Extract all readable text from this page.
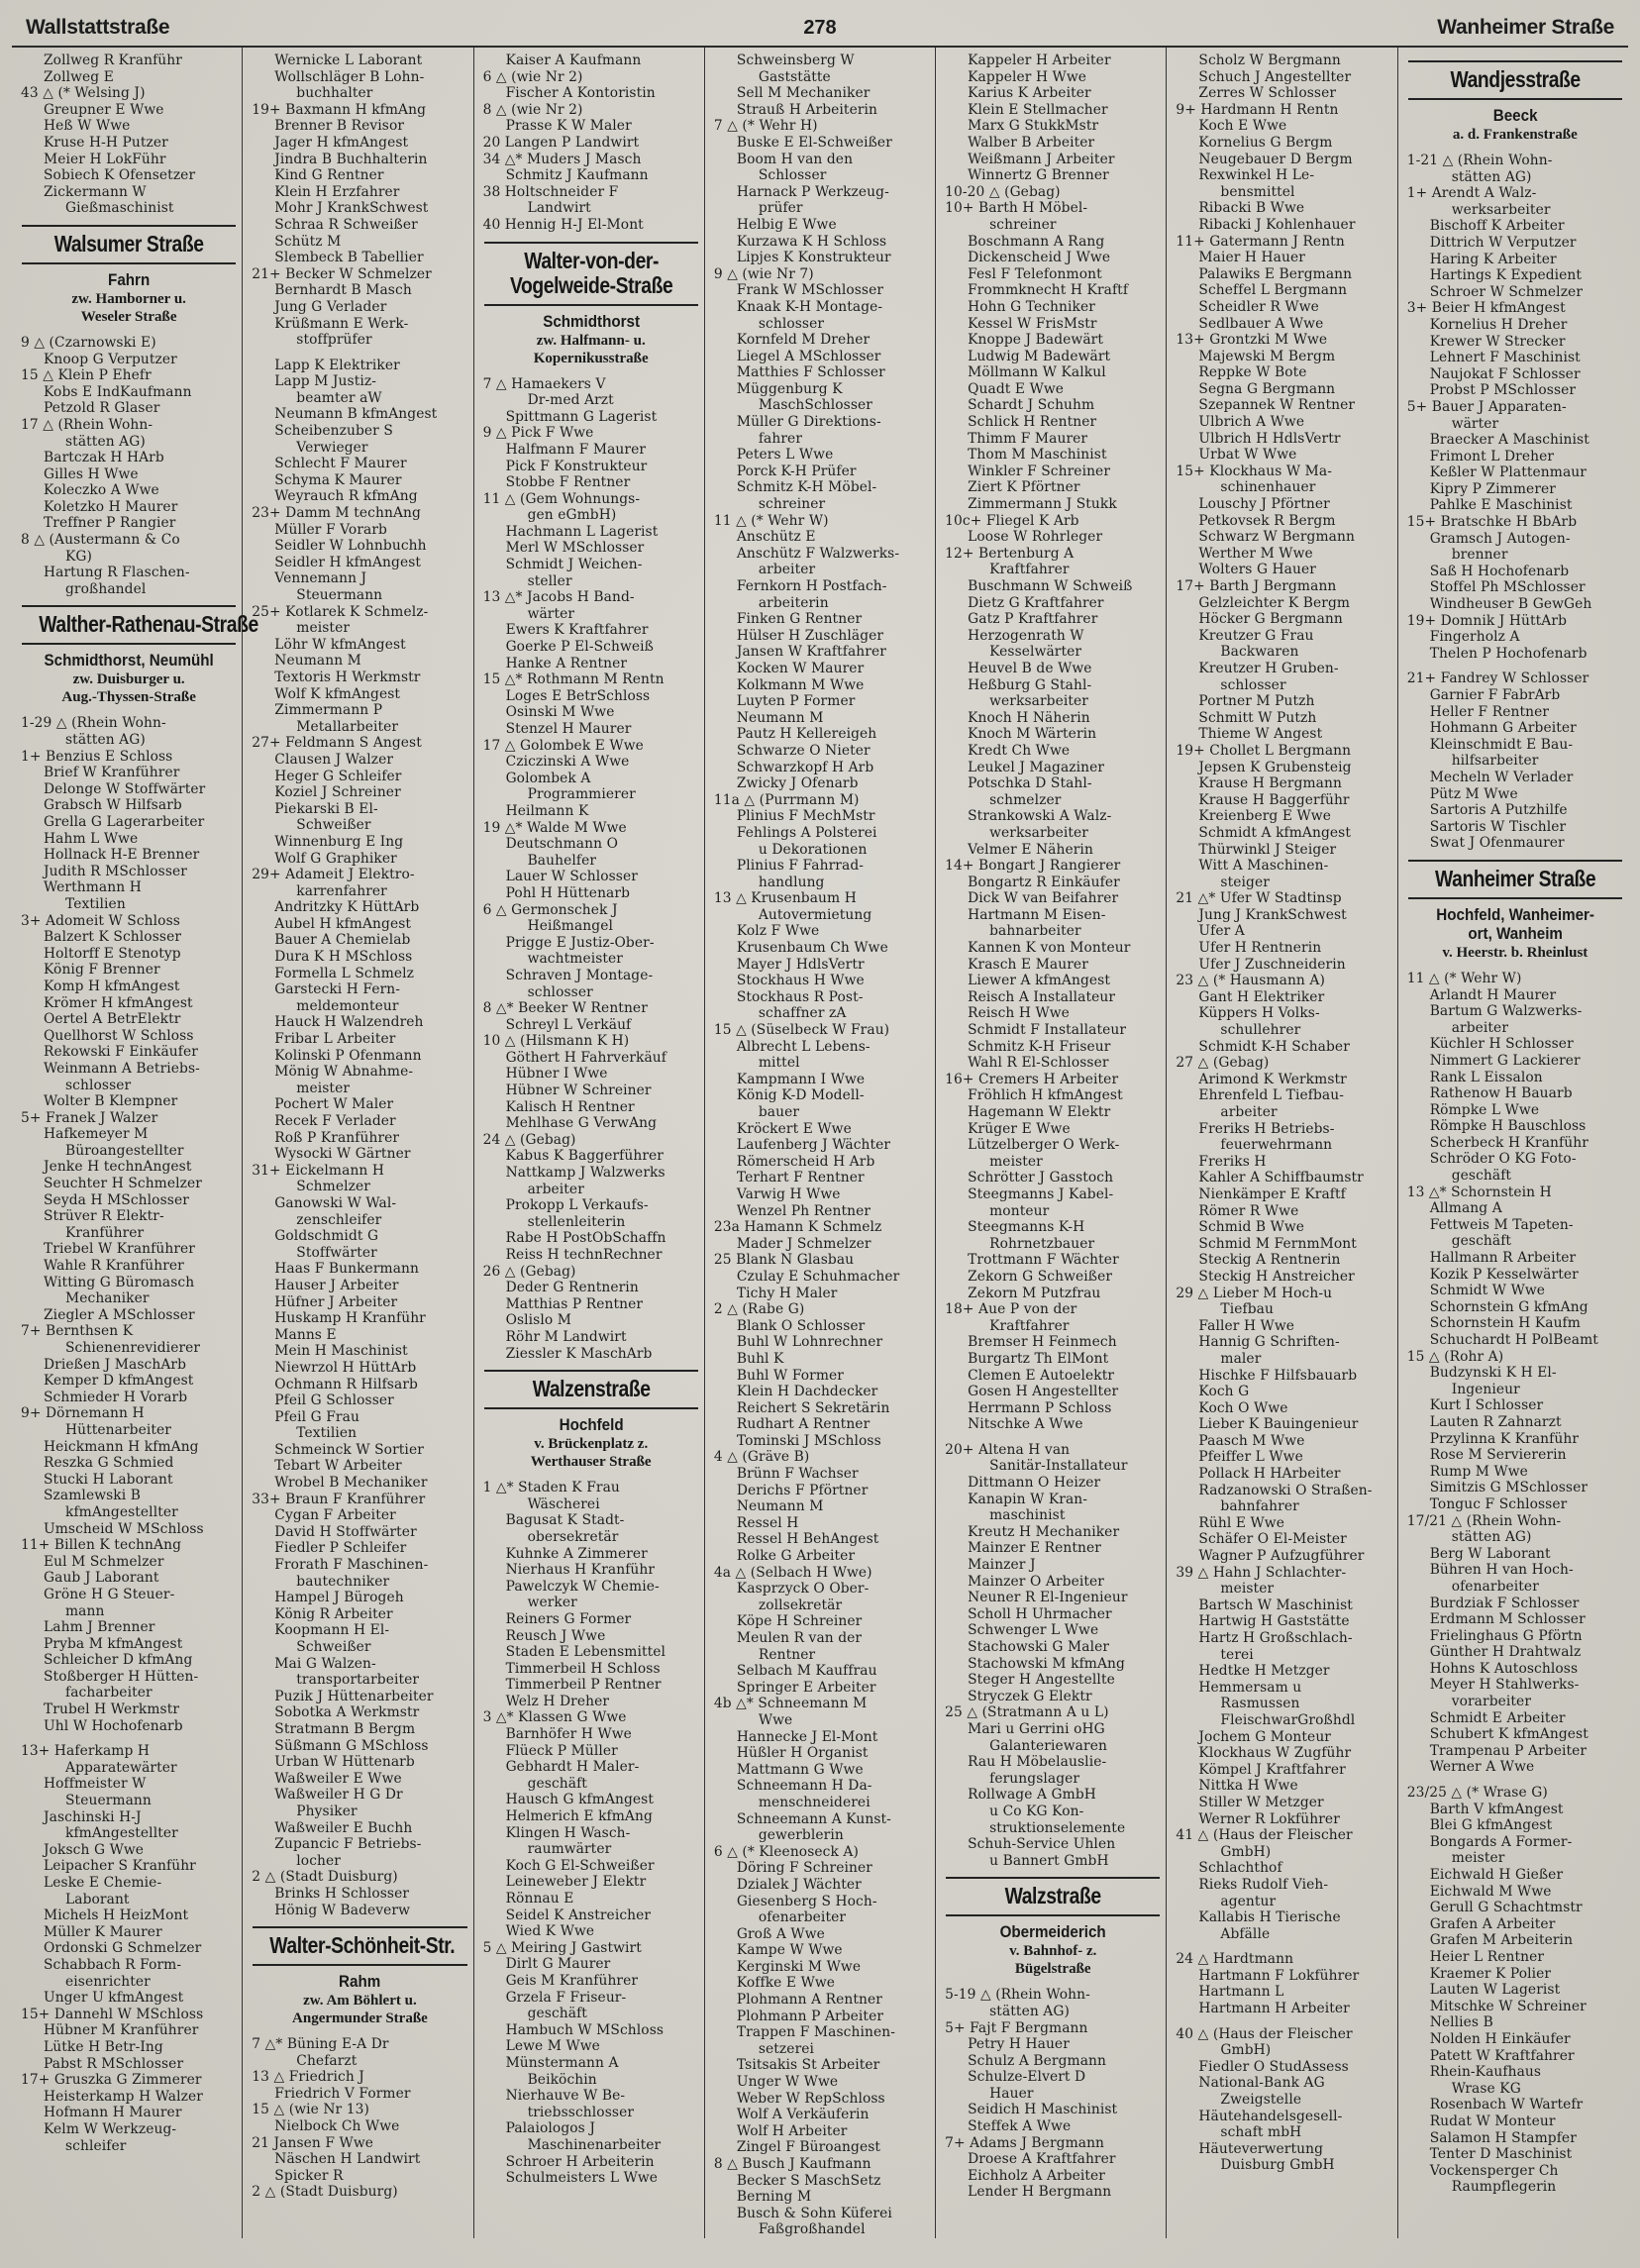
Wallstattstraße	278	Wanheimer Straße
Zollweg R Kranführ
Zollweg E
43 △ (* Welsing J)
Greupner E Wwe
Heß W Wwe
Kruse H-H Putzer
Meier H LokFühr
Sobiech K Ofensetzer
Zickermann W
Gießmaschinist
Walsumer Straße
Fahrn
zw. Hamborner u.
Weseler Straße
9 △ (Czarnowski E)
Knoop G Verputzer
15 △ Klein P Ehefr
Kobs E IndKaufmann
Petzold R Glaser
17 △ (Rhein Wohn-
stätten AG)
Bartczak H HArb
Gilles H Wwe
Koleczko A Wwe
Koletzko H Maurer
Treffner P Rangier
8 △ (Austermann & Co
KG)
Hartung R Flaschen-
großhandel
Walther-Rathenau-Straße
Schmidthorst, Neumühl
zw. Duisburger u.
Aug.-Thyssen-Straße
1-29 △ (Rhein Wohn-
stätten AG)
1+ Benzius E Schloss
Brief W Kranführer
Delonge W Stoffwärter
Grabsch W Hilfsarb
Grella G Lagerarbeiter
Hahm L Wwe
Hollnack H-E Brenner
Judith R MSchlosser
Werthmann H
Textilien
3+ Adomeit W Schloss
Balzert K Schlosser
Holtorff E Stenotyp
König F Brenner
Komp H kfmAngest
Krömer H kfmAngest
Oertel A BetrElektr
Quellhorst W Schloss
Rekowski F Einkäufer
Weinmann A Betriebs-
schlosser
Wolter B Klempner
5+ Franek J Walzer
Hafkemeyer M
Büroangestellter
Jenke H technAngest
Seuchter H Schmelzer
Seyda H MSchlosser
Strüver R Elektr-
Kranführer
Triebel W Kranführer
Wahle R Kranführer
Witting G Büromasch
Mechaniker
Ziegler A MSchlosser
7+ Bernthsen K
Schienenrevidierer
Drießen J MaschArb
Kemper D kfmAngest
Schmieder H Vorarb
9+ Dörnemann H
Hüttenarbeiter
Heickmann H kfmAng
Reszka G Schmied
Stucki H Laborant
Szamlewski B
kfmAngestellter
Umscheid W MSchloss
11+ Billen K technAng
Eul M Schmelzer
Gaub J Laborant
Gröne H G Steuer-
mann
Lahm J Brenner
Pryba M kfmAngest
Schleicher D kfmAng
Stoßberger H Hütten-
facharbeiter
Trubel H Werkmstr
Uhl W Hochofenarb
13+ Haferkamp H
Apparatewärter
Hoffmeister W
Steuermann
Jaschinski H-J
kfmAngestellter
Joksch G Wwe
Leipacher S Kranführ
Leske E Chemie-
Laborant
Michels H HeizMont
Müller K Maurer
Ordonski G Schmelzer
Schabbach R Form-
eisenrichter
Unger U kfmAngest
15+ Dannehl W MSchloss
Hübner M Kranführer
Lütke H Betr-Ing
Pabst R MSchlosser
17+ Gruszka G Zimmerer
Heisterkamp H Walzer
Hofmann H Maurer
Kelm W Werkzeug-
schleifer
Wernicke L Laborant
Wollschläger B Lohn-
buchhalter
19+ Baxmann H kfmAng
Brenner B Revisor
Jager H kfmAngest
Jindra B Buchhalterin
Kind G Rentner
Klein H Erzfahrer
Mohr J KrankSchwest
Schraa R Schweißer
Schütz M
Slembeck B Tabellier
21+ Becker W Schmelzer
Bernhardt B Masch
Jung G Verlader
Krüßmann E Werk-
stoffprüfer
Lapp K Elektriker
Lapp M Justiz-
beamter aW
Neumann B kfmAngest
Scheibenzuber S
Verwieger
Schlecht F Maurer
Schyma K Maurer
Weyrauch R kfmAng
23+ Damm M technAng
Müller F Vorarb
Seidler W Lohnbuchh
Seidler H kfmAngest
Vennemann J
Steuermann
25+ Kotlarek K Schmelz-
meister
Löhr W kfmAngest
Neumann M
Textoris H Werkmstr
Wolf K kfmAngest
Zimmermann P
Metallarbeiter
27+ Feldmann S Angest
Clausen J Walzer
Heger G Schleifer
Koziel J Schreiner
Piekarski B El-
Schweißer
Winnenburg E Ing
Wolf G Graphiker
29+ Adameit J Elektro-
karrenfahrer
Andritzky K HüttArb
Aubel H kfmAngest
Bauer A Chemielab
Dura K H MSchloss
Formella L Schmelz
Garstecki H Fern-
meldemonteur
Hauck H Walzendreh
Fribar L Arbeiter
Kolinski P Ofenmann
Mönig W Abnahme-
meister
Pochert W Maler
Recek F Verlader
Roß P Kranführer
Wysocki W Gärtner
31+ Eickelmann H
Schmelzer
Ganowski W Wal-
zenschleifer
Goldschmidt G
Stoffwärter
Haas F Bunkermann
Hauser J Arbeiter
Hüfner J Arbeiter
Huskamp H Kranführ
Manns E
Mein H Maschinist
Niewrzol H HüttArb
Ochmann R Hilfsarb
Pfeil G Schlosser
Pfeil G Frau
Textilien
Schmeinck W Sortier
Tebart W Arbeiter
Wrobel B Mechaniker
33+ Braun F Kranführer
Cygan F Arbeiter
David H Stoffwärter
Fiedler P Schleifer
Frorath F Maschinen-
bautechniker
Hampel J Bürogeh
König R Arbeiter
Koopmann H El-
Schweißer
Mai G Walzen-
transportarbeiter
Puzik J Hüttenarbeiter
Sobotka A Werkmstr
Stratmann B Bergm
Süßmann G MSchloss
Urban W Hüttenarb
Waßweiler E Wwe
Waßweiler H G Dr
Physiker
Waßweiler E Buchh
Zupancic F Betriebs-
locher
2 △ (Stadt Duisburg)
Brinks H Schlosser
Hönig W Badeverw
Walter-Schönheit-Str.
Rahm
zw. Am Böhlert u.
Angermunder Straße
7 △* Büning E-A Dr
Chefarzt
13 △ Friedrich J
Friedrich V Former
15 △ (wie Nr 13)
Nielbock Ch Wwe
21 Jansen F Wwe
Näschen H Landwirt
Spicker R
2 △ (Stadt Duisburg)
Kaiser A Kaufmann
6 △ (wie Nr 2)
Fischer A Kontoristin
8 △ (wie Nr 2)
Prasse K W Maler
20 Langen P Landwirt
34 △* Muders J Masch
Schmitz J Kaufmann
38 Holtschneider F
Landwirt
40 Hennig H-J El-Mont
Walter-von-der-
Vogelweide-Straße
Schmidthorst
zw. Halfmann- u.
Kopernikusstraße
7 △ Hamaekers V
Dr-med Arzt
Spittmann G Lagerist
9 △ Pick F Wwe
Halfmann F Maurer
Pick F Konstrukteur
Stobbe F Rentner
11 △ (Gem Wohnungs-
gen eGmbH)
Hachmann L Lagerist
Merl W MSchlosser
Schmidt J Weichen-
steller
13 △* Jacobs H Band-
wärter
Ewers K Kraftfahrer
Goerke P El-Schweiß
Hanke A Rentner
15 △* Rothmann M Rentn
Loges E BetrSchloss
Osinski M Wwe
Stenzel H Maurer
17 △ Golombek E Wwe
Cziczinski A Wwe
Golombek A
Programmierer
Heilmann K
19 △* Walde M Wwe
Deutschmann O
Bauhelfer
Lauer W Schlosser
Pohl H Hüttenarb
6 △ Germonschek J
Heißmangel
Prigge E Justiz-Ober-
wachtmeister
Schraven J Montage-
schlosser
8 △* Beeker W Rentner
Schreyl L Verkäuf
10 △ (Hilsmann K H)
Göthert H Fahrverkäuf
Hübner I Wwe
Hübner W Schreiner
Kalisch H Rentner
Mehlhase G VerwAng
24 △ (Gebag)
Kabus K Baggerführer
Nattkamp J Walzwerks
arbeiter
Prokopp L Verkaufs-
stellenleiterin
Rabe H PostObSchaffn
Reiss H technRechner
26 △ (Gebag)
Deder G Rentnerin
Matthias P Rentner
Oslislo M
Röhr M Landwirt
Ziessler K MaschArb
Walzenstraße
Hochfeld
v. Brückenplatz z.
Werthauser Straße
1 △* Staden K Frau
Wäscherei
Bagusat K Stadt-
obersekretär
Kuhnke A Zimmerer
Nierhaus H Kranführ
Pawelczyk W Chemie-
werker
Reiners G Former
Reusch J Wwe
Staden E Lebensmittel
Timmerbeil H Schloss
Timmerbeil P Rentner
Welz H Dreher
3 △* Klassen G Wwe
Barnhöfer H Wwe
Flüeck P Müller
Gebhardt H Maler-
geschäft
Hausch G kfmAngest
Helmerich E kfmAng
Klingen H Wasch-
raumwärter
Koch G El-Schweißer
Leineweber J Elektr
Rönnau E
Seidel K Anstreicher
Wied K Wwe
5 △ Meiring J Gastwirt
Dirlt G Maurer
Geis M Kranführer
Grzela F Friseur-
geschäft
Hambuch W MSchloss
Lewe M Wwe
Münstermann A
Beiköchin
Nierhauve W Be-
triebsschlosser
Palaiologos J
Maschinenarbeiter
Schroer H Arbeiterin
Schulmeisters L Wwe
Schweinsberg W
Gaststätte
Sell M Mechaniker
Strauß H Arbeiterin
7 △ (* Wehr H)
Buske E El-Schweißer
Boom H van den
Schlosser
Harnack P Werkzeug-
prüfer
Helbig E Wwe
Kurzawa K H Schloss
Lipjes K Konstrukteur
9 △ (wie Nr 7)
Frank W MSchlosser
Knaak K-H Montage-
schlosser
Kornfeld M Dreher
Liegel A MSchlosser
Matthies F Schlosser
Müggenburg K
MaschSchlosser
Müller G Direktions-
fahrer
Peters L Wwe
Porck K-H Prüfer
Schmitz K-H Möbel-
schreiner
11 △ (* Wehr W)
Anschütz E
Anschütz F Walzwerks-
arbeiter
Fernkorn H Postfach-
arbeiterin
Finken G Rentner
Hülser H Zuschläger
Jansen W Kraftfahrer
Kocken W Maurer
Kolkmann M Wwe
Luyten P Former
Neumann M
Pautz H Kellereigeh
Schwarze O Nieter
Schwarzkopf H Arb
Zwicky J Ofenarb
11a △ (Purrmann M)
Plinius F MechMstr
Fehlings A Polsterei
u Dekorationen
Plinius F Fahrrad-
handlung
13 △ Krusenbaum H
Autovermietung
Kolz F Wwe
Krusenbaum Ch Wwe
Mayer J HdlsVertr
Stockhaus H Wwe
Stockhaus R Post-
schaffner zA
15 △ (Süselbeck W Frau)
Albrecht L Lebens-
mittel
Kampmann I Wwe
König K-D Modell-
bauer
Kröckert E Wwe
Laufenberg J Wächter
Römerscheid H Arb
Terhart F Rentner
Varwig H Wwe
Wenzel Ph Rentner
23a Hamann K Schmelz
Mader J Schmelzer
25 Blank N Glasbau
Czulay E Schuhmacher
Tichy H Maler
2 △ (Rabe G)
Blank O Schlosser
Buhl W Lohnrechner
Buhl K
Buhl W Former
Klein H Dachdecker
Reichert S Sekretärin
Rudhart A Rentner
Tominski J MSchloss
4 △ (Gräve B)
Brünn F Wachser
Derichs F Pförtner
Neumann M
Ressel H
Ressel H BehAngest
Rolke G Arbeiter
4a △ (Selbach H Wwe)
Kasprzyck O Ober-
zollsekretär
Köpe H Schreiner
Meulen R van der
Rentner
Selbach M Kauffrau
Springer E Arbeiter
4b △* Schneemann M
Wwe
Hannecke J El-Mont
Hüßler H Organist
Mattmann G Wwe
Schneemann H Da-
menschneiderei
Schneemann A Kunst-
gewerblerin
6 △ (* Kleenoseck A)
Döring F Schreiner
Dzialek J Wächter
Giesenberg S Hoch-
ofenarbeiter
Groß A Wwe
Kampe W Wwe
Kerginski M Wwe
Koffke E Wwe
Plohmann A Rentner
Plohmann P Arbeiter
Trappen F Maschinen-
setzerei
Tsitsakis St Arbeiter
Unger W Wwe
Weber W RepSchloss
Wolf A Verkäuferin
Wolf H Arbeiter
Zingel F Büroangest
8 △ Busch J Kaufmann
Becker S MaschSetz
Berning M
Busch & Sohn Küferei
Faßgroßhandel
Kappeler H Arbeiter
Kappeler H Wwe
Karius K Arbeiter
Klein E Stellmacher
Marx G StukkMstr
Walber B Arbeiter
Weißmann J Arbeiter
Winnertz G Brenner
10-20 △ (Gebag)
10+ Barth H Möbel-
schreiner
Boschmann A Rang
Dickenscheid J Wwe
Fesl F Telefonmont
Frommknecht H Kraftf
Hohn G Techniker
Kessel W FrisMstr
Knoppe J Badewärt
Ludwig M Badewärt
Möllmann W Kalkul
Quadt E Wwe
Schardt J Schuhm
Schlick H Rentner
Thimm F Maurer
Thom M Maschinist
Winkler F Schreiner
Ziert K Pförtner
Zimmermann J Stukk
10c+ Fliegel K Arb
Loose W Rohrleger
12+ Bertenburg A
Kraftfahrer
Buschmann W Schweiß
Dietz G Kraftfahrer
Gatz P Kraftfahrer
Herzogenrath W
Kesselwärter
Heuvel B de Wwe
Heßburg G Stahl-
werksarbeiter
Knoch H Näherin
Knoch M Wärterin
Kredt Ch Wwe
Leukel J Magaziner
Potschka D Stahl-
schmelzer
Strankowski A Walz-
werksarbeiter
Velmer E Näherin
14+ Bongart J Rangierer
Bongartz R Einkäufer
Dick W van Beifahrer
Hartmann M Eisen-
bahnarbeiter
Kannen K von Monteur
Krasch E Maurer
Liewer A kfmAngest
Reisch A Installateur
Reisch H Wwe
Schmidt F Installateur
Schmitz K-H Friseur
Wahl R El-Schlosser
16+ Cremers H Arbeiter
Fröhlich H kfmAngest
Hagemann W Elektr
Krüger E Wwe
Lützelberger O Werk-
meister
Schrötter J Gasstoch
Steegmanns J Kabel-
monteur
Steegmanns K-H
Rohrnetzbauer
Trottmann F Wächter
Zekorn G Schweißer
Zekorn M Putzfrau
18+ Aue P von der
Kraftfahrer
Bremser H Feinmech
Burgartz Th ElMont
Clemen E Autoelektr
Gosen H Angestellter
Herrmann P Schloss
Nitschke A Wwe
20+ Altena H van
Sanitär-Installateur
Dittmann O Heizer
Kanapin W Kran-
maschinist
Kreutz H Mechaniker
Mainzer E Rentner
Mainzer J
Mainzer O Arbeiter
Neuner R El-Ingenieur
Scholl H Uhrmacher
Schwenger L Wwe
Stachowski G Maler
Stachowski M kfmAng
Steger H Angestellte
Stryczek G Elektr
25 △ (Stratmann A u L)
Mari u Gerrini oHG
Galanteriewaren
Rau H Möbelauslie-
ferungslager
Rollwage A GmbH
u Co KG Kon-
struktionselemente
Schuh-Service Uhlen
u Bannert GmbH
Walzstraße
Obermeiderich
v. Bahnhof- z.
Bügelstraße
5-19 △ (Rhein Wohn-
stätten AG)
5+ Fajt F Bergmann
Petry H Hauer
Schulz A Bergmann
Schulze-Elvert D
Hauer
Seidich H Maschinist
Steffek A Wwe
7+ Adams J Bergmann
Droese A Kraftfahrer
Eichholz A Arbeiter
Lender H Bergmann
Scholz W Bergmann
Schuch J Angestellter
Zerres W Schlosser
9+ Hardmann H Rentn
Koch E Wwe
Kornelius G Bergm
Neugebauer D Bergm
Rexwinkel H Le-
bensmittel
Ribacki B Wwe
Ribacki J Kohlenhauer
11+ Gatermann J Rentn
Maier H Hauer
Palawiks E Bergmann
Scheffel L Bergmann
Scheidler R Wwe
Sedlbauer A Wwe
13+ Grontzki M Wwe
Majewski M Bergm
Reppke W Bote
Segna G Bergmann
Szepannek W Rentner
Ulbrich A Wwe
Ulbrich H HdlsVertr
Urbat W Wwe
15+ Klockhaus W Ma-
schinenhauer
Louschy J Pförtner
Petkovsek R Bergm
Schwarz W Bergmann
Werther M Wwe
Wolters G Hauer
17+ Barth J Bergmann
Gelzleichter K Bergm
Höcker G Bergmann
Kreutzer G Frau
Backwaren
Kreutzer H Gruben-
schlosser
Portner M Putzh
Schmitt W Putzh
Thieme W Angest
19+ Chollet L Bergmann
Jepsen K Grubensteig
Krause H Bergmann
Krause H Baggerführ
Kreienberg E Wwe
Schmidt A kfmAngest
Thürwinkl J Steiger
Witt A Maschinen-
steiger
21 △* Ufer W Stadtinsp
Jung J KrankSchwest
Ufer A
Ufer H Rentnerin
Ufer J Zuschneiderin
23 △ (* Hausmann A)
Gant H Elektriker
Küppers H Volks-
schullehrer
Schmidt K-H Schaber
27 △ (Gebag)
Arimond K Werkmstr
Ehrenfeld L Tiefbau-
arbeiter
Freriks H Betriebs-
feuerwehrmann
Freriks H
Kahler A Schiffbaumstr
Nienkämper E Kraftf
Römer R Wwe
Schmid B Wwe
Schmid M FernmMont
Steckig A Rentnerin
Steckig H Anstreicher
29 △ Lieber M Hoch-u
Tiefbau
Faller H Wwe
Hannig G Schriften-
maler
Hischke F Hilfsbauarb
Koch G
Koch O Wwe
Lieber K Bauingenieur
Paasch M Wwe
Pfeiffer L Wwe
Pollack H HArbeiter
Radzanowski O Straßen-
bahnfahrer
Rühl E Wwe
Schäfer O El-Meister
Wagner P Aufzugführer
39 △ Hahn J Schlachter-
meister
Bartsch W Maschinist
Hartwig H Gaststätte
Hartz H Großschlach-
terei
Hedtke H Metzger
Hemmersam u
Rasmussen
FleischwarGroßhdl
Jochem G Monteur
Klockhaus W Zugführ
Kömpel J Kraftfahrer
Nittka H Wwe
Stiller W Metzger
Werner R Lokführer
41 △ (Haus der Fleischer
GmbH)
Schlachthof
Rieks Rudolf Vieh-
agentur
Kallabis H Tierische
Abfälle
24 △ Hardtmann
Hartmann F Lokführer
Hartmann L
Hartmann H Arbeiter
40 △ (Haus der Fleischer
GmbH)
Fiedler O StudAssess
National-Bank AG
Zweigstelle
Häutehandelsgesell-
schaft mbH
Häuteverwertung
Duisburg GmbH
Wandjesstraße
Beeck
a. d. Frankenstraße
1-21 △ (Rhein Wohn-
stätten AG)
1+ Arendt A Walz-
werksarbeiter
Bischoff K Arbeiter
Dittrich W Verputzer
Haring K Arbeiter
Hartings K Expedient
Schroer W Schmelzer
3+ Beier H kfmAngest
Kornelius H Dreher
Krewer W Strecker
Lehnert F Maschinist
Naujokat F Schlosser
Probst P MSchlosser
5+ Bauer J Apparaten-
wärter
Braecker A Maschinist
Frimont L Dreher
Keßler W Plattenmaur
Kipry P Zimmerer
Pahlke E Maschinist
15+ Bratschke H BbArb
Gramsch J Autogen-
brenner
Saß H Hochofenarb
Stoffel Ph MSchlosser
Windheuser B GewGeh
19+ Domnik J HüttArb
Fingerholz A
Thelen P Hochofenarb
21+ Fandrey W Schlosser
Garnier F FabrArb
Heller F Rentner
Hohmann G Arbeiter
Kleinschmidt E Bau-
hilfsarbeiter
Mecheln W Verlader
Pütz M Wwe
Sartoris A Putzhilfe
Sartoris W Tischler
Swat J Ofenmaurer
Wanheimer Straße
Hochfeld, Wanheimer-
ort, Wanheim
v. Heerstr. b. Rheinlust
11 △ (* Wehr W)
Arlandt H Maurer
Bartum G Walzwerks-
arbeiter
Küchler H Schlosser
Nimmert G Lackierer
Rank L Eissalon
Rathenow H Bauarb
Römpke L Wwe
Römpke H Bauschloss
Scherbeck H Kranführ
Schröder O KG Foto-
geschäft
13 △* Schornstein H
Allmang A
Fettweis M Tapeten-
geschäft
Hallmann R Arbeiter
Kozik P Kesselwärter
Schmidt W Wwe
Schornstein G kfmAng
Schornstein H Kaufm
Schuchardt H PolBeamt
15 △ (Rohr A)
Budzynski K H El-
Ingenieur
Kurt I Schlosser
Lauten R Zahnarzt
Przylinna K Kranführ
Rose M Serviererin
Rump M Wwe
Simitzis G MSchlosser
Tonguc F Schlosser
17/21 △ (Rhein Wohn-
stätten AG)
Berg W Laborant
Bühren H van Hoch-
ofenarbeiter
Burdziak F Schlosser
Erdmann M Schlosser
Frielinghaus G Pförtn
Günther H Drahtwalz
Hohns K Autoschloss
Meyer H Stahlwerks-
vorarbeiter
Schmidt E Arbeiter
Schubert K kfmAngest
Trampenau P Arbeiter
Werner A Wwe
23/25 △ (* Wrase G)
Barth V kfmAngest
Blei G kfmAngest
Bongards A Former-
meister
Eichwald H Gießer
Eichwald M Wwe
Gerull G Schachtmstr
Grafen A Arbeiter
Grafen M Arbeiterin
Heier L Rentner
Kraemer K Polier
Lauten W Lagerist
Mitschke W Schreiner
Nellies B
Nolden H Einkäufer
Patett W Kraftfahrer
Rhein-Kaufhaus
Wrase KG
Rosenbach W Wartefr
Rudat W Monteur
Salamon H Stampfer
Tenter D Maschinist
Vockensperger Ch
Raumpflegerin
